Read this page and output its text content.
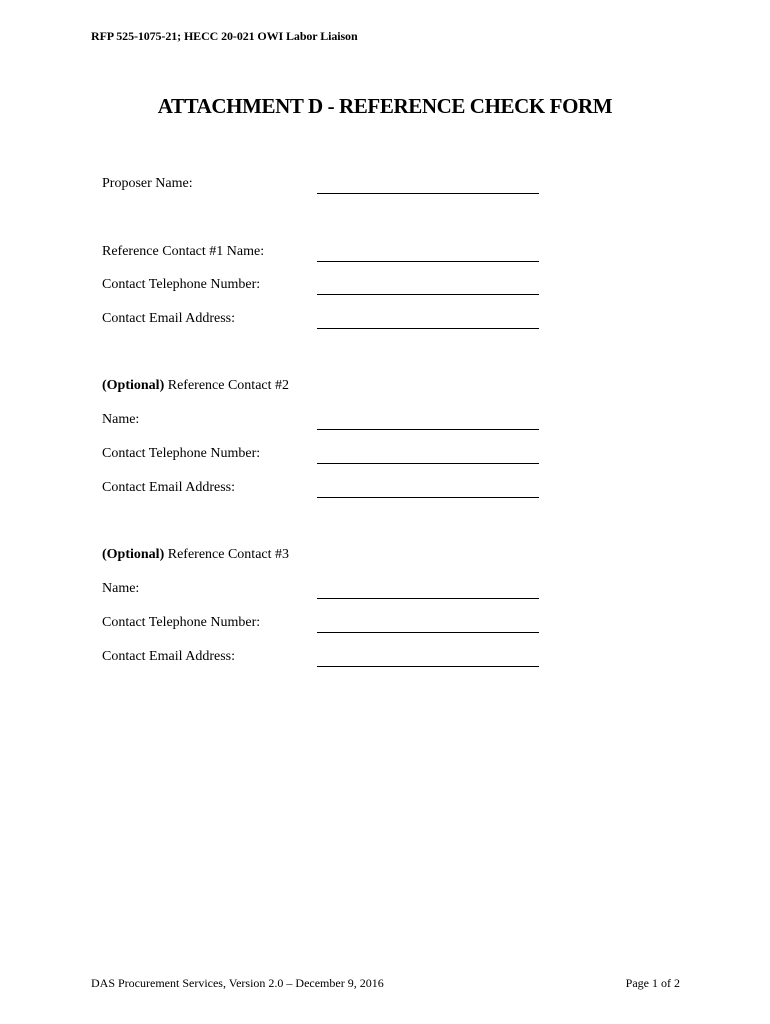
RFP 525-1075-21; HECC 20-021 OWI Labor Liaison
ATTACHMENT D - REFERENCE CHECK FORM
Proposer Name:
Reference Contact #1 Name:
Contact Telephone Number:
Contact Email Address:
(Optional) Reference Contact #2
Name:
Contact Telephone Number:
Contact Email Address:
(Optional) Reference Contact #3
Name:
Contact Telephone Number:
Contact Email Address:
DAS Procurement Services, Version 2.0 – December 9, 2016	Page 1 of 2
